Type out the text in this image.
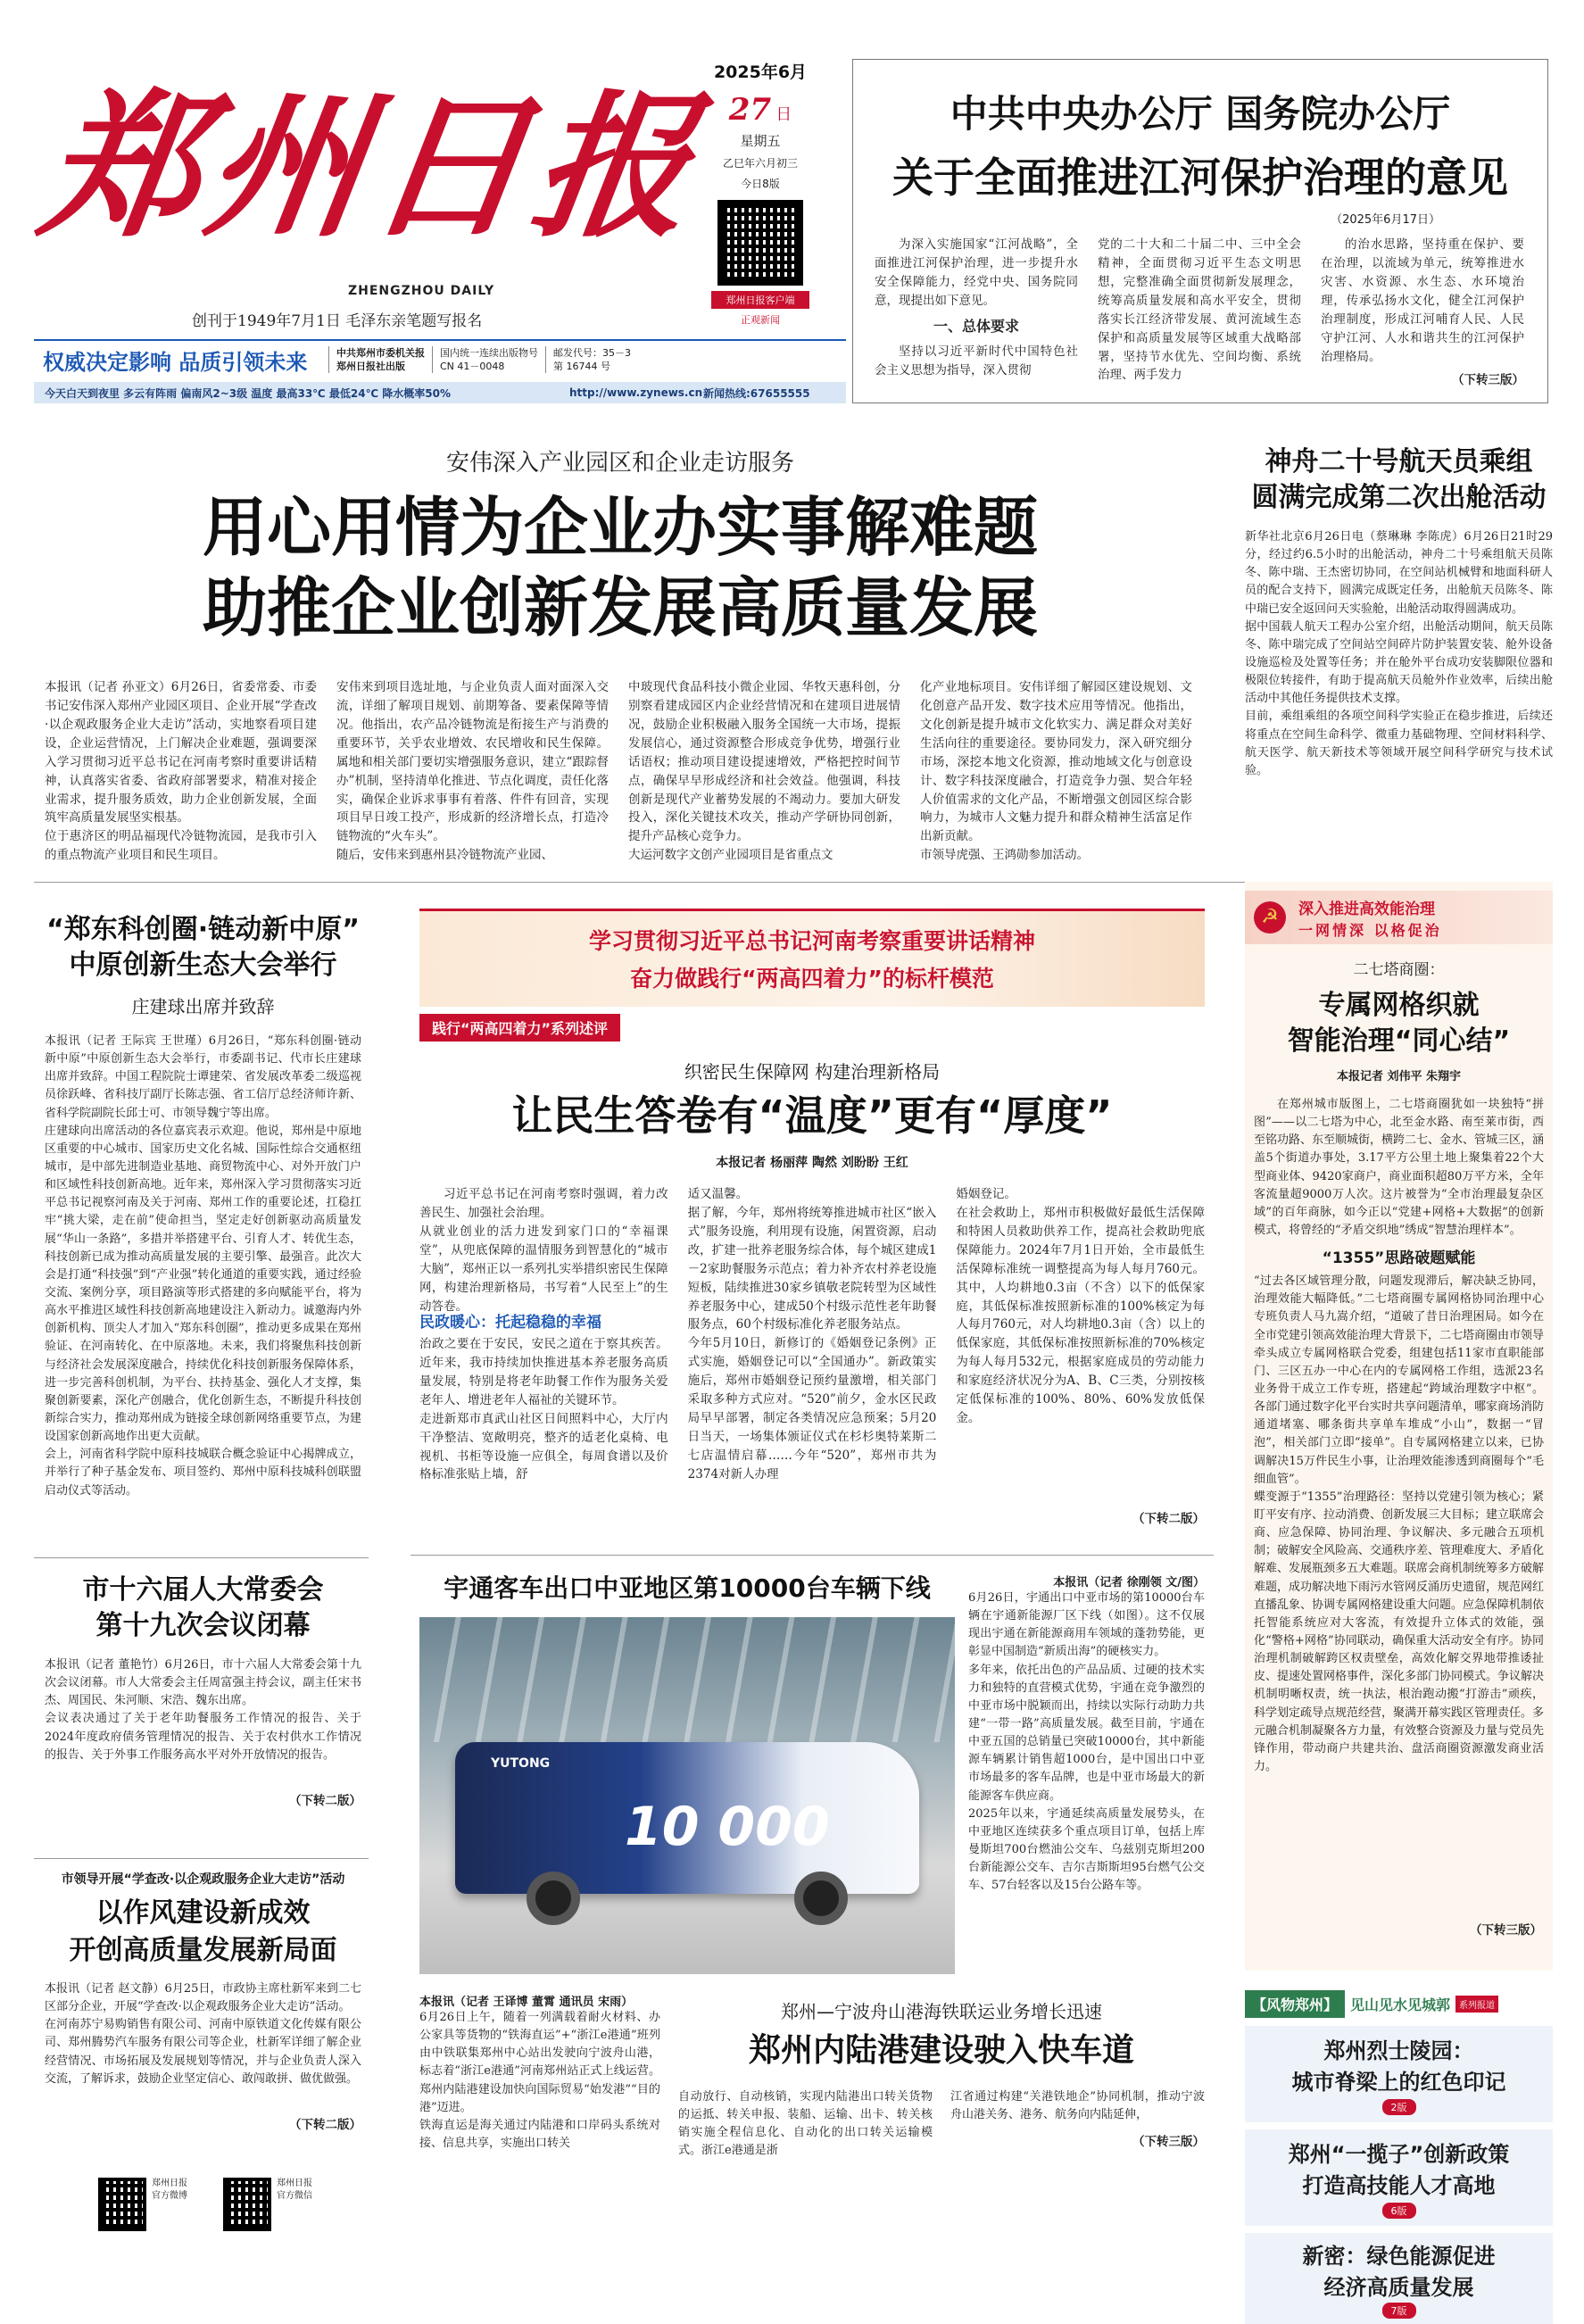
郑州日报
ZHENGZHOU DAILY
创刊于1949年7月1日 毛泽东亲笔题写报名
2025年6月
27 日
星期五
乙巳年六月初三
今日8版
郑州日报客户端
正观新闻
权威决定影响 品质引领未来	中共郑州市委机关报
郑州日报社出版
国内统一连续出版物号
CN 41－0048
邮发代号：35－3
第 16744 号
今天白天到夜里 多云有阵雨 偏南风2~3级 温度 最高33℃ 最低24℃ 降水概率50%	http://www.zynews.cn 新闻热线:67655555
中共中央办公厅 国务院办公厅
关于全面推进江河保护治理的意见
（2025年6月17日）
为深入实施国家“江河战略”，全面推进江河保护治理，进一步提升水安全保障能力，经党中央、国务院同意，现提出如下意见。
一、总体要求
坚持以习近平新时代中国特色社会主义思想为指导，深入贯彻
党的二十大和二十届二中、三中全会精神，全面贯彻习近平生态文明思想，完整准确全面贯彻新发展理念，统筹高质量发展和高水平安全，贯彻落实长江经济带发展、黄河流域生态保护和高质量发展等区域重大战略部署，坚持节水优先、空间均衡、系统治理、两手发力
的治水思路，坚持重在保护、要在治理，以流域为单元，统筹推进水灾害、水资源、水生态、水环境治理，传承弘扬水文化，健全江河保护治理制度，形成江河哺育人民、人民守护江河、人水和谐共生的江河保护治理格局。
（下转三版）
安伟深入产业园区和企业走访服务
用心用情为企业办实事解难题
助推企业创新发展高质量发展
本报讯（记者 孙亚文）6月26日，省委常委、市委书记安伟深入郑州产业园区项目、企业开展“学查改·以企观政服务企业大走访”活动，实地察看项目建设，企业运营情况，上门解决企业难题，强调要深入学习贯彻习近平总书记在河南考察时重要讲话精神，认真落实省委、省政府部署要求，精准对接企业需求，提升服务质效，助力企业创新发展，全面筑牢高质量发展坚实根基。
位于惠济区的明品福现代冷链物流园，是我市引入的重点物流产业项目和民生项目。
安伟来到项目选址地，与企业负责人面对面深入交流，详细了解项目规划、前期筹备、要素保障等情况。他指出，农产品冷链物流是衔接生产与消费的重要环节，关乎农业增效、农民增收和民生保障。属地和相关部门要切实增强服务意识，建立“跟踪督办”机制，坚持清单化推进、节点化调度，责任化落实，确保企业诉求事事有着落、件件有回音，实现项目早日竣工投产，形成新的经济增长点，打造冷链物流的“火车头”。
随后，安伟来到惠州县冷链物流产业园、
中玻现代食品科技小微企业园、华牧天惠科创，分别察看建成园区内企业经营情况和在建项目进展情况，鼓励企业积极融入服务全国统一大市场，提振发展信心，通过资源整合形成竞争优势，增强行业话语权；推动项目建设提速增效，严格把控时间节点，确保早早形成经济和社会效益。他强调，科技创新是现代产业蓄势发展的不竭动力。要加大研发投入，深化关键技术攻关，推动产学研协同创新，提升产品核心竞争力。
大运河数字文创产业园项目是省重点文
化产业地标项目。安伟详细了解园区建设规划、文化创意产品开发、数字技术应用等情况。他指出，文化创新是提升城市文化软实力、满足群众对美好生活向往的重要途径。要协同发力，深入研究细分市场，深挖本地文化资源，推动地域文化与创意设计、数字科技深度融合，打造竞争力强、契合年轻人价值需求的文化产品，不断增强文创园区综合影响力，为城市人文魅力提升和群众精神生活富足作出新贡献。
市领导虎强、王鸿勋参加活动。
神舟二十号航天员乘组
圆满完成第二次出舱活动
新华社北京6月26日电（蔡琳琳 李陈虎）6月26日21时29分，经过约6.5小时的出舱活动，神舟二十号乘组航天员陈冬、陈中瑞、王杰密切协同，在空间站机械臂和地面科研人员的配合支持下，圆满完成既定任务，出舱航天员陈冬、陈中瑞已安全返回问天实验舱，出舱活动取得圆满成功。
据中国载人航天工程办公室介绍，出舱活动期间，航天员陈冬、陈中瑞完成了空间站空间碎片防护装置安装、舱外设备设施巡检及处置等任务；并在舱外平台成功安装脚限位器和极限位转接件，有助于提高航天员舱外作业效率，后续出舱活动中其他任务提供技术支撑。
目前，乘组乘组的各项空间科学实验正在稳步推进，后续还将重点在空间生命科学、微重力基础物理、空间材料科学、航天医学、航天新技术等领域开展空间科学研究与技术试验。
“郑东科创圈·链动新中原”
中原创新生态大会举行
庄建球出席并致辞
本报讯（记者 王际宾 王世瑾）6月26日，“郑东科创圈·链动新中原”中原创新生态大会举行，市委副书记、代市长庄建球出席并致辞。中国工程院院士谭建荣、省发展改革委二级巡视员徐跃峰、省科技厅副厅长陈志强、省工信厅总经济师许新、省科学院副院长邱士可、市领导魏宁等出席。
庄建球向出席活动的各位嘉宾表示欢迎。他说，郑州是中原地区重要的中心城市、国家历史文化名城、国际性综合交通枢纽城市，是中部先进制造业基地、商贸物流中心、对外开放门户和区域性科技创新高地。近年来，郑州深入学习贯彻落实习近平总书记视察河南及关于河南、郑州工作的重要论述，扛稳扛牢“挑大梁，走在前”使命担当，坚定走好创新驱动高质量发展“华山一条路”，多措并举搭建平台、引育人才、转优生态，科技创新已成为推动高质量发展的主要引擎、最强音。此次大会是打通“科技强”到“产业强”转化通道的重要实践，通过经验交流、案例分享，项目路演等形式搭建的多向赋能平台，将为高水平推进区域性科技创新高地建设注入新动力。诚邀海内外创新机构、顶尖人才加入“郑东科创圈”，推动更多成果在郑州验证、在河南转化、在中原落地。未来，我们将聚焦科技创新与经济社会发展深度融合，持续优化科技创新服务保障体系，进一步完善科创机制，为平台、扶持基金、强化人才支撑，集聚创新要素，深化产创融合，优化创新生态，不断提升科技创新综合实力，推动郑州成为链接全球创新网络重要节点，为建设国家创新高地作出更大贡献。
会上，河南省科学院中原科技城联合概念验证中心揭牌成立，并举行了种子基金发布、项目签约、郑州中原科技城科创联盟启动仪式等活动。
市十六届人大常委会
第十九次会议闭幕
本报讯（记者 董艳竹）6月26日，市十六届人大常委会第十九次会议闭幕。市人大常委会主任周富强主持会议，副主任宋书杰、周国民、朱河顺、宋浩、魏东出席。
会议表决通过了关于老年助餐服务工作情况的报告、关于2024年度政府债务管理情况的报告、关于农村供水工作情况的报告、关于外事工作服务高水平对外开放情况的报告。
（下转二版）
市领导开展“学查改·以企观政服务企业大走访”活动
以作风建设新成效
开创高质量发展新局面
本报讯（记者 赵文静）6月25日，市政协主席杜新军来到二七区部分企业，开展“学查改·以企观政服务企业大走访”活动。
在河南苏宁易购销售有限公司、河南中原铁道文化传媒有限公司、郑州腾势汽车服务有限公司等企业，杜新军详细了解企业经营情况、市场拓展及发展规划等情况，并与企业负责人深入交流，了解诉求，鼓励企业坚定信心、敢闯敢拼、做优做强。
（下转二版）
郑州日报
官方微博
郑州日报
官方微信
学习贯彻习近平总书记河南考察重要讲话精神
奋力做践行“两高四着力”的标杆模范
践行“两高四着力”系列述评
织密民生保障网 构建治理新格局
让民生答卷有“温度”更有“厚度”
本报记者 杨丽萍 陶然 刘盼盼 王红
习近平总书记在河南考察时强调，着力改善民生、加强社会治理。
从就业创业的活力进发到家门口的“幸福课堂”，从兜底保障的温情服务到智慧化的“城市大脑”，郑州正以一系列扎实举措织密民生保障网，构建治理新格局，书写着“人民至上”的生动答卷。
民政暖心：托起稳稳的幸福
治政之要在于安民，安民之道在于察其疾苦。近年来，我市持续加快推进基本养老服务高质量发展，特别是将老年助餐工作作为服务关爱老年人、增进老年人福祉的关键环节。
走进新郑市真武山社区日间照料中心，大厅内干净整洁、宽敞明亮，整齐的适老化桌椅、电视机、书柜等设施一应俱全，每周食谱以及价格标准张贴上墙，舒
适又温馨。
据了解，今年，郑州将统筹推进城市社区“嵌入式”服务设施，利用现有设施，闲置资源，启动改，扩建一批养老服务综合体，每个城区建成1－2家助餐服务示范点；着力补齐农村养老设施短板，陆续推进30家乡镇敬老院转型为区域性养老服务中心，建成50个村级示范性老年助餐服务点，60个村级标准化养老服务站点。
今年5月10日，新修订的《婚姻登记条例》正式实施，婚姻登记可以“全国通办”。新政策实施后，郑州市婚姻登记预约量激增，相关部门采取多种方式应对。“520”前夕，金水区民政局早早部署，制定各类情况应急预案；5月20日当天，一场集体颁证仪式在杉杉奥特莱斯二七店温情启幕……今年“520”，郑州市共为2374对新人办理
婚姻登记。
在社会救助上，郑州市积极做好最低生活保障和特困人员救助供养工作，提高社会救助兜底保障能力。2024年7月1日开始，全市最低生活保障标准统一调整提高为每人每月760元。其中，人均耕地0.3亩（不含）以下的低保家庭，其低保标准按照新标准的100%核定为每人每月760元，对人均耕地0.3亩（含）以上的低保家庭，其低保标准按照新标准的70%核定为每人每月532元，根据家庭成员的劳动能力和家庭经济状况分为A、B、C三类，分别按核定低保标准的100%、80%、60%发放低保金。
（下转二版）
宇通客车出口中亚地区第10000台车辆下线
10 000
YUTONG
本报讯（记者 徐刚领 文/图）
6月26日，宇通出口中亚市场的第10000台车辆在宇通新能源厂区下线（如图）。这不仅展现出宇通在新能源商用车领域的蓬勃势能，更彰显中国制造“新质出海”的硬核实力。
多年来，依托出色的产品品质、过硬的技术实力和独特的直营模式优势，宇通在竞争激烈的中亚市场中脱颖而出，持续以实际行动助力共建“一带一路”高质量发展。截至目前，宇通在中亚五国的总销量已突破10000台，其中新能源车辆累计销售超1000台，是中国出口中亚市场最多的客车品牌，也是中亚市场最大的新能源客车供应商。
2025年以来，宇通延续高质量发展势头，在中亚地区连续获多个重点项目订单，包括上库曼斯坦700台燃油公交车、乌兹别克斯坦200台新能源公交车、吉尔吉斯斯坦95台燃气公交车、57台轻客以及15台公路车等。
本报讯（记者 王译博 董霄 通讯员 宋雨）
6月26日上午，随着一列满载着耐火材料、办公家具等货物的“铁海直运”+“浙江e港通”班列由中铁联集郑州中心站出发驶向宁波舟山港，标志着“浙江e港通”河南郑州站正式上线运营。郑州内陆港建设加快向国际贸易“始发港”“目的港”迈进。
铁海直运是海关通过内陆港和口岸码头系统对接、信息共享，实施出口转关
郑州—宁波舟山港海铁联运业务增长迅速
郑州内陆港建设驶入快车道
自动放行、自动核销，实现内陆港出口转关货物的运抵、转关申报、装船、运输、出卡、转关核销实施全程信息化、自动化的出口转关运输模式。浙江e港通是浙
江省通过构建“关港铁地企”协同机制，推动宁波舟山港关务、港务、航务向内陆延伸，
（下转三版）
☭	深入推进高效能治理
一网情深 以格促治
二七塔商圈：
专属网格织就
智能治理“同心结”
本报记者 刘伟平 朱翔宇
在郑州城市版图上，二七塔商圈犹如一块独特“拼图”——以二七塔为中心，北至金水路、南至莱市街，西至铭功路、东至顺城街，横跨二七、金水、管城三区，涵盖5个街道办事处，3.17平方公里土地上聚集着22个大型商业体、9420家商户，商业面积超80万平方米，全年客流量超9000万人次。这片被誉为“全市治理最复杂区域”的百年商脉，如今正以“党建+网格+大数据”的创新模式，将曾经的“矛盾交织地”绣成“智慧治理样本”。
“1355”思路破题赋能
“过去各区域管理分散，问题发现滞后，解决缺乏协同，治理效能大幅降低。”二七塔商圈专属网格协同治理中心专班负责人马九嵩介绍，“道破了昔日治理困局。如今在全市党建引领高效能治理大背景下，二七塔商圈由市领导牵头成立专属网格联合党委，组建包括11家市直职能部门、三区五办一中心在内的专属网格工作组，选派23名业务骨干成立工作专班，搭建起“跨域治理数字中枢”。各部门通过数字化平台实时共享问题清单，哪家商场消防通道堵塞、哪条街共享单车堆成“小山”，数据一“冒泡”，相关部门立即“接单”。自专属网格建立以来，已协调解决15万件民生小事，让治理效能渗透到商圈每个“毛细血管”。
蝶变源于“1355”治理路径：坚持以党建引领为核心；紧盯平安有序、拉动消费、创新发展三大目标；建立联席会商、应急保障、协同治理、争议解决、多元融合五项机制；破解安全风险高、交通秩序差、管理难度大、矛盾化解难、发展瓶颈多五大难题。联席会商机制统筹多方破解难题，成功解决地下雨污水管网反涌历史遗留，规范网红直播乱象、协调专属网格建设重大问题。应急保障机制依托智能系统应对大客流，有效提升立体式的效能，强化“警格+网格”协同联动，确保重大活动安全有序。协同治理机制破解跨区权责壁垒，高效化解交界地带推诿扯皮、提速处置网格事件，深化多部门协同模式。争议解决机制明晰权责，统一执法，根治跑动搬“打游击”顽疾，科学划定疏导点规范经营，聚满开幕实践区管理责任。多元融合机制凝聚各方力量，有效整合资源及力量与党员先锋作用，带动商户共建共治、盘活商圈资源激发商业活力。
（下转三版）
【风物郑州】 见山见水见城郭	系列报道
郑州烈士陵园：
城市脊梁上的红色印记
2版
郑州“一揽子”创新政策
打造高技能人才高地
6版
新密：绿色能源促进
经济高质量发展
7版
